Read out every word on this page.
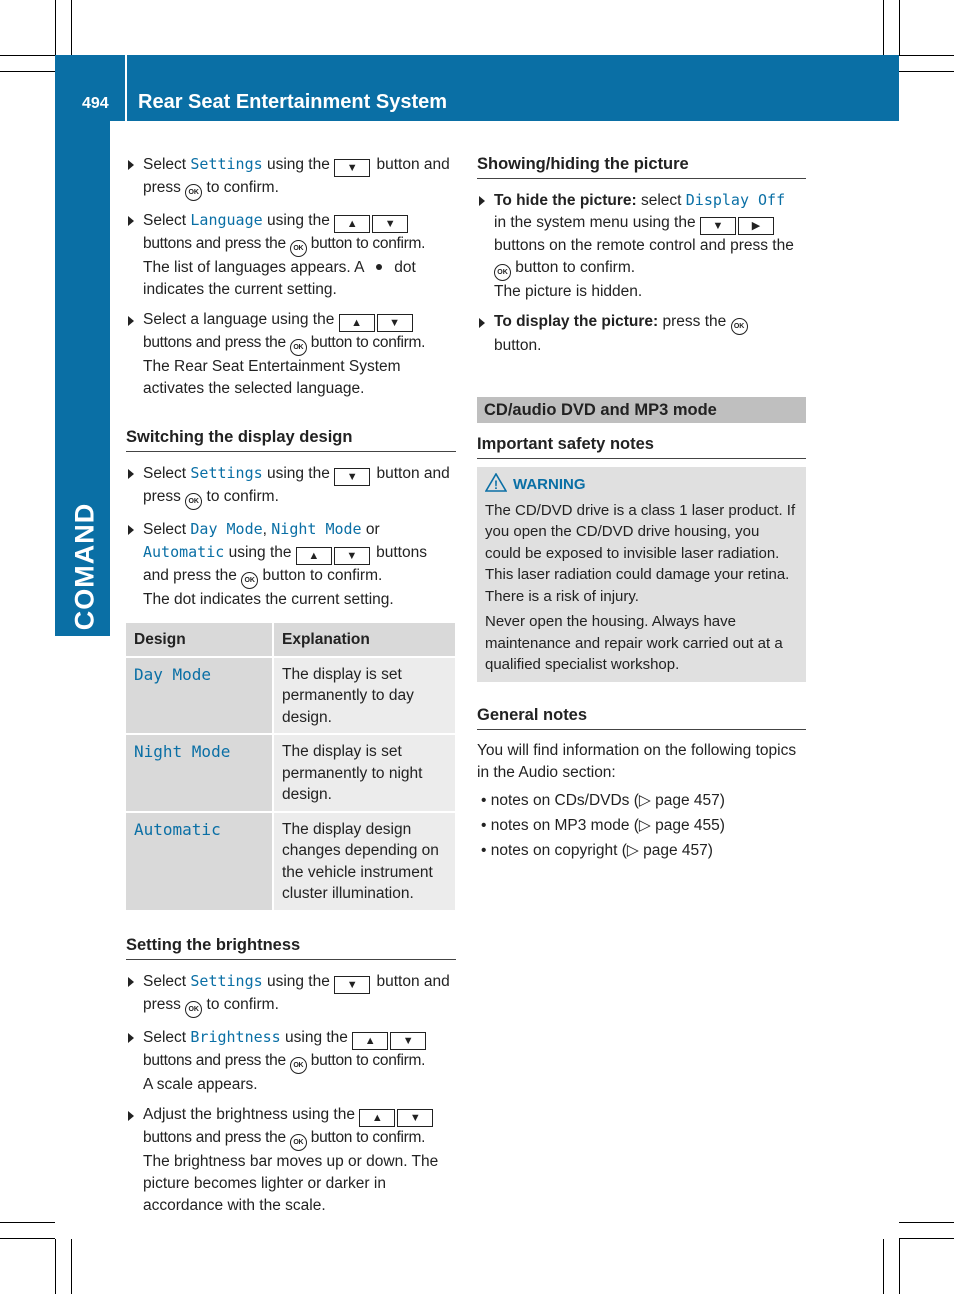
494 Rear Seat Entertainment System
COMAND
Select Settings using the ▼ button and press OK to confirm.
Select Language using the ▲ ▼
buttons and press the OK button to confirm.
The list of languages appears. A  dot indicates the current setting.
Select a language using the ▲ ▼
buttons and press the OK button to confirm.
The Rear Seat Entertainment System activates the selected language.
Switching the display design
Select Settings using the ▼ button and press OK to confirm.
Select Day Mode, Night Mode or
Automatic using the ▲ ▼ buttons and press the OK button to confirm.
The dot indicates the current setting.
Design	Explanation
Day Mode	The display is set permanently to day design.
Night Mode	The display is set permanently to night design.
Automatic	The display design changes depending on the vehicle instrument cluster illumination.
Setting the brightness
Select Settings using the ▼ button and press OK to confirm.
Select Brightness using the ▲ ▼
buttons and press the OK button to confirm.
A scale appears.
Adjust the brightness using the ▲ ▼
buttons and press the OK button to confirm.
The brightness bar moves up or down. The picture becomes lighter or darker in accordance with the scale.
Showing/hiding the picture
To hide the picture: select Display Off
in the system menu using the ▼	▶ buttons on the remote control and press the OK button to confirm.
The picture is hidden.
To display the picture: press the OK
button.
CD/audio DVD and MP3 mode
Important safety notes
! WARNING
The CD/DVD drive is a class 1 laser product. If you open the CD/DVD drive housing, you could be exposed to invisible laser radiation. This laser radiation could damage your retina. There is a risk of injury.
Never open the housing. Always have maintenance and repair work carried out at a qualified specialist workshop.
General notes
You will find information on the following topics in the Audio section:
• notes on CDs/DVDs (▷ page 457)
• notes on MP3 mode (▷ page 455)
• notes on copyright (▷ page 457)
